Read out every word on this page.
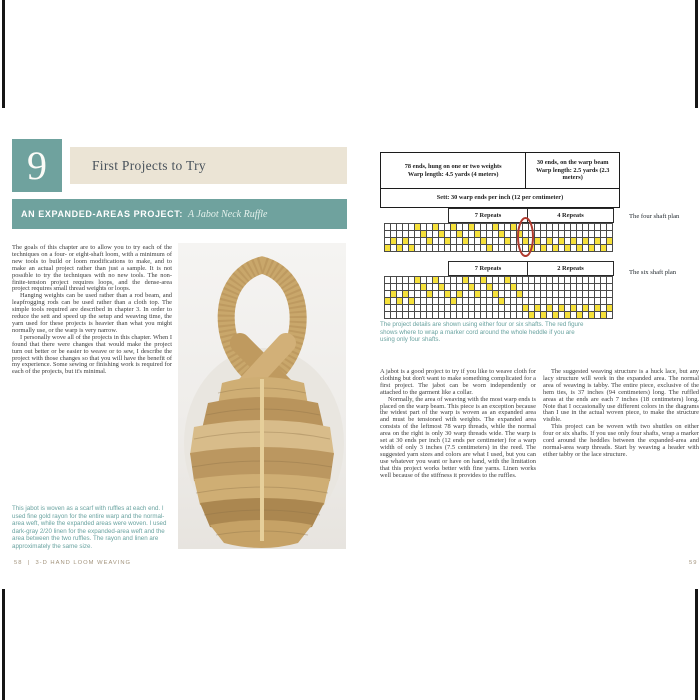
9	First Projects to Try
AN EXPANDED-AREAS PROJECT: A Jabot Neck Ruffle

The goals of this chapter are to allow you to try each of the techniques on a four- or eight-shaft loom, with a minimum of new tools to build or loom modifications to make, and to make an actual project rather than just a sample. It is not possible to try the techniques with no new tools. The non-finite-tension project requires loops, and the dense-area project requires small thread weights or loops.

Hanging weights can be used rather than a rod beam, and leapfrogging rods can be used rather than a cloth top. The simple tools required are described in chapter 3. In order to reduce the sett and speed up the setup and weaving time, the yarn used for these projects is heavier than what you might normally use, or the warp is very narrow.

I personally wove all of the projects in this chapter. When I found that there were changes that would make the project turn out better or be easier to weave or to sew, I describe the project with those changes so that you will have the benefit of my experience. Some sewing or finishing work is required for each of the projects, but it's minimal.

This jabot is woven as a scarf with ruffles at each end. I used fine gold rayon for the entire warp and the normal-area weft, while the expanded areas were woven. I used dark-gray 2/20 linen for the expanded-area weft and the area between the two ruffles. The rayon and linen are approximately the same size.
58  |  3-D HAND LOOM WEAVING
78 ends, hung on one or two weights
Warp length: 4.5 yards (4 meters)

30 ends, on the warp beam
Warp length: 2.5 yards (2.3 meters)

Sett: 30 warp ends per inch (12 per centimeter)
7 Repeats	4 Repeats

																																						The four shaft plan
7 Repeats	2 Repeats

The six shaft plan
The project details are shown using either four or six shafts. The red figure shows where to wrap a marker cord around the whole heddle if you are using only four shafts.

A jabot is a good project to try if you like to weave cloth for clothing but don't want to make something complicated for a first project. The jabot can be worn independently or attached to the garment like a collar.

Normally, the area of weaving with the most warp ends is placed on the warp beam. This piece is an exception because the widest part of the warp is woven as an expanded area and must be tensioned with weights. The expanded area consists of the leftmost 78 warp threads, while the normal area on the right is only 30 warp threads wide. The warp is set at 30 ends per inch (12 ends per centimeter) for a warp width of only 3 inches (7.5 centimeters) in the reed. The suggested yarn sizes and colors are what I used, but you can use whatever you want or have on hand, with the limitation that this project works better with fine yarns. Linen works well because of the stiffness it provides to the ruffles.

The suggested weaving structure is a huck lace, but any lacy structure will work in the expanded area. The normal area of weaving is tabby. The entire piece, exclusive of the hem ties, is 37 inches (94 centimeters) long. The ruffled areas at the ends are each 7 inches (18 centimeters) long. Note that I occasionally use different colors in the diagrams than I use in the actual woven piece, to make the structure visible.

This project can be woven with two shuttles on either four or six shafts. If you use only four shafts, wrap a marker cord around the heddles between the expanded-area and normal-area warp threads. Start by weaving a header with either tabby or the lace structure.

59
